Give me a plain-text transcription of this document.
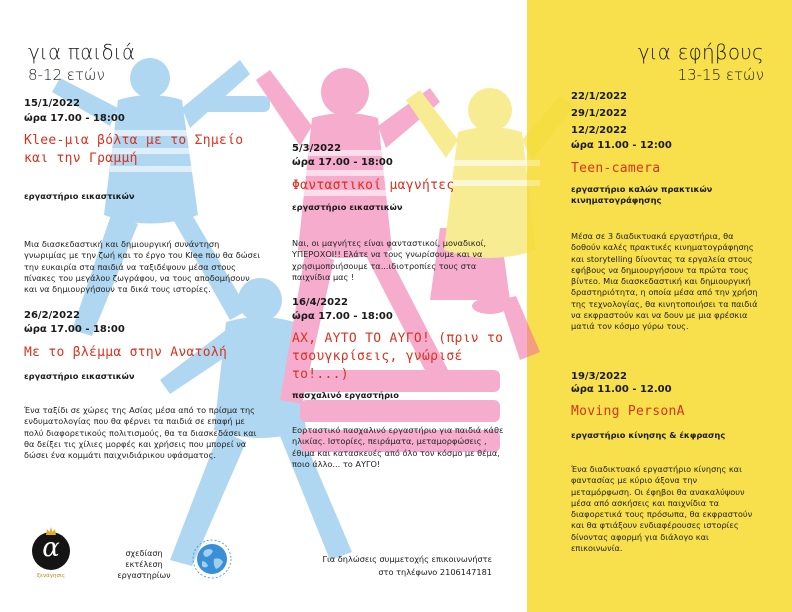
για παιδιά
8-12 ετών
15/1/2022
ώρα 17.00 - 18:00
Klee-μια βόλτα με το Σημείο και την Γραμμή
εργαστήριο εικαστικών
Μια διασκεδαστική και δημιουργική συνάντηση γνωριμίας με την ζωή και το έργο του Klee που θα δώσει την ευκαιρία στα παιδιά να ταξιδέψουν μέσα στους πίνακες του μεγάλου ζωγράφου, να τους αποδομήσουν και να δημιουργήσουν τα δικά τους ιστορίες.
26/2/2022
ώρα 17.00 - 18:00
Με το βλέμμα στην Ανατολή
εργαστήριο εικαστικών
Ένα ταξίδι σε χώρες της Ασίας μέσα από το πρίσμα της ενδυματολογίας που θα φέρνει τα παιδιά σε επαφή με πολύ διαφορετικούς πολιτισμούς, θα τα διασκεδάσει και θα δείξει τις χίλιες μορφές και χρήσεις που μπορεί να δώσει ένα κομμάτι παιχνιδιάρικου υφάσματος.
5/3/2022
ώρα 17.00 - 18:00
Φανταστικοί μαγνήτες
εργαστήριο εικαστικών
Ναι, οι μαγνήτες είναι φανταστικοί, μοναδικοί, ΥΠΕΡΟΧΟΙ!! Ελάτε να τους γνωρίσουμε και να χρησιμοποιήσουμε τα...ιδιοτροπίες τους στα παιχνίδια μας !
16/4/2022
ώρα 17.00 - 18:00
ΑΧ, ΑΥΤΟ ΤΟ ΑΥΓΟ! (πριν το τσουγκρίσεις, γνώρισέ το!...)
πασχαλινό εργαστήριο
Εορταστικό πασχαλινό εργαστήριο για παιδιά κάθε ηλικίας. Ιστορίες, πειράματα, μεταμορφώσεις , έθιμα και κατασκευές από όλο τον κόσμο με θέμα, ποιο άλλο... το ΑΥΓΟ!
για εφήβους
13-15 ετών
22/1/2022
29/1/2022
12/2/2022
ώρα 11.00 - 12:00
Teen-camera
εργαστήριο καλών πρακτικών κινηματογράφησης
Μέσα σε 3 διαδικτυακά εργαστήρια, θα δοθούν καλές πρακτικές κινηματογράφησης και storytelling δίνοντας τα εργαλεία στους εφήβους να δημιουργήσουν τα πρώτα τους βίντεο. Μια διασκεδαστική και δημιουργική δραστηριότητα, η οποία μέσα από την χρήση της τεχνολογίας, θα κινητοποιήσει τα παιδιά να εκφραστούν και να δουν με μια φρέσκια ματιά τον κόσμο γύρω τους.
19/3/2022
ώρα 11.00 - 12.00
Moving PersonA
εργαστήριο κίνησης & έκφρασης
Ένα διαδικτυακό εργαστήριο κίνησης και φαντασίας με κύριο άξονα την μεταμόρφωση. Οι έφηβοι θα ανακαλύψουν μέσα από ασκήσεις και παιχνίδια τα διαφορετικά τους πρόσωπα, θα εκφραστούν και θα φτιάξουν ενδιαφέρουσες ιστορίες δίνοντας αφορμή για διάλογο και επικοινωνία.
α
ξενάγησις
σχεδίαση
εκτέλεση
εργαστηρίων
Για δηλώσεις συμμετοχής επικοινωνήστε
στο τηλέφωνο 2106147181
